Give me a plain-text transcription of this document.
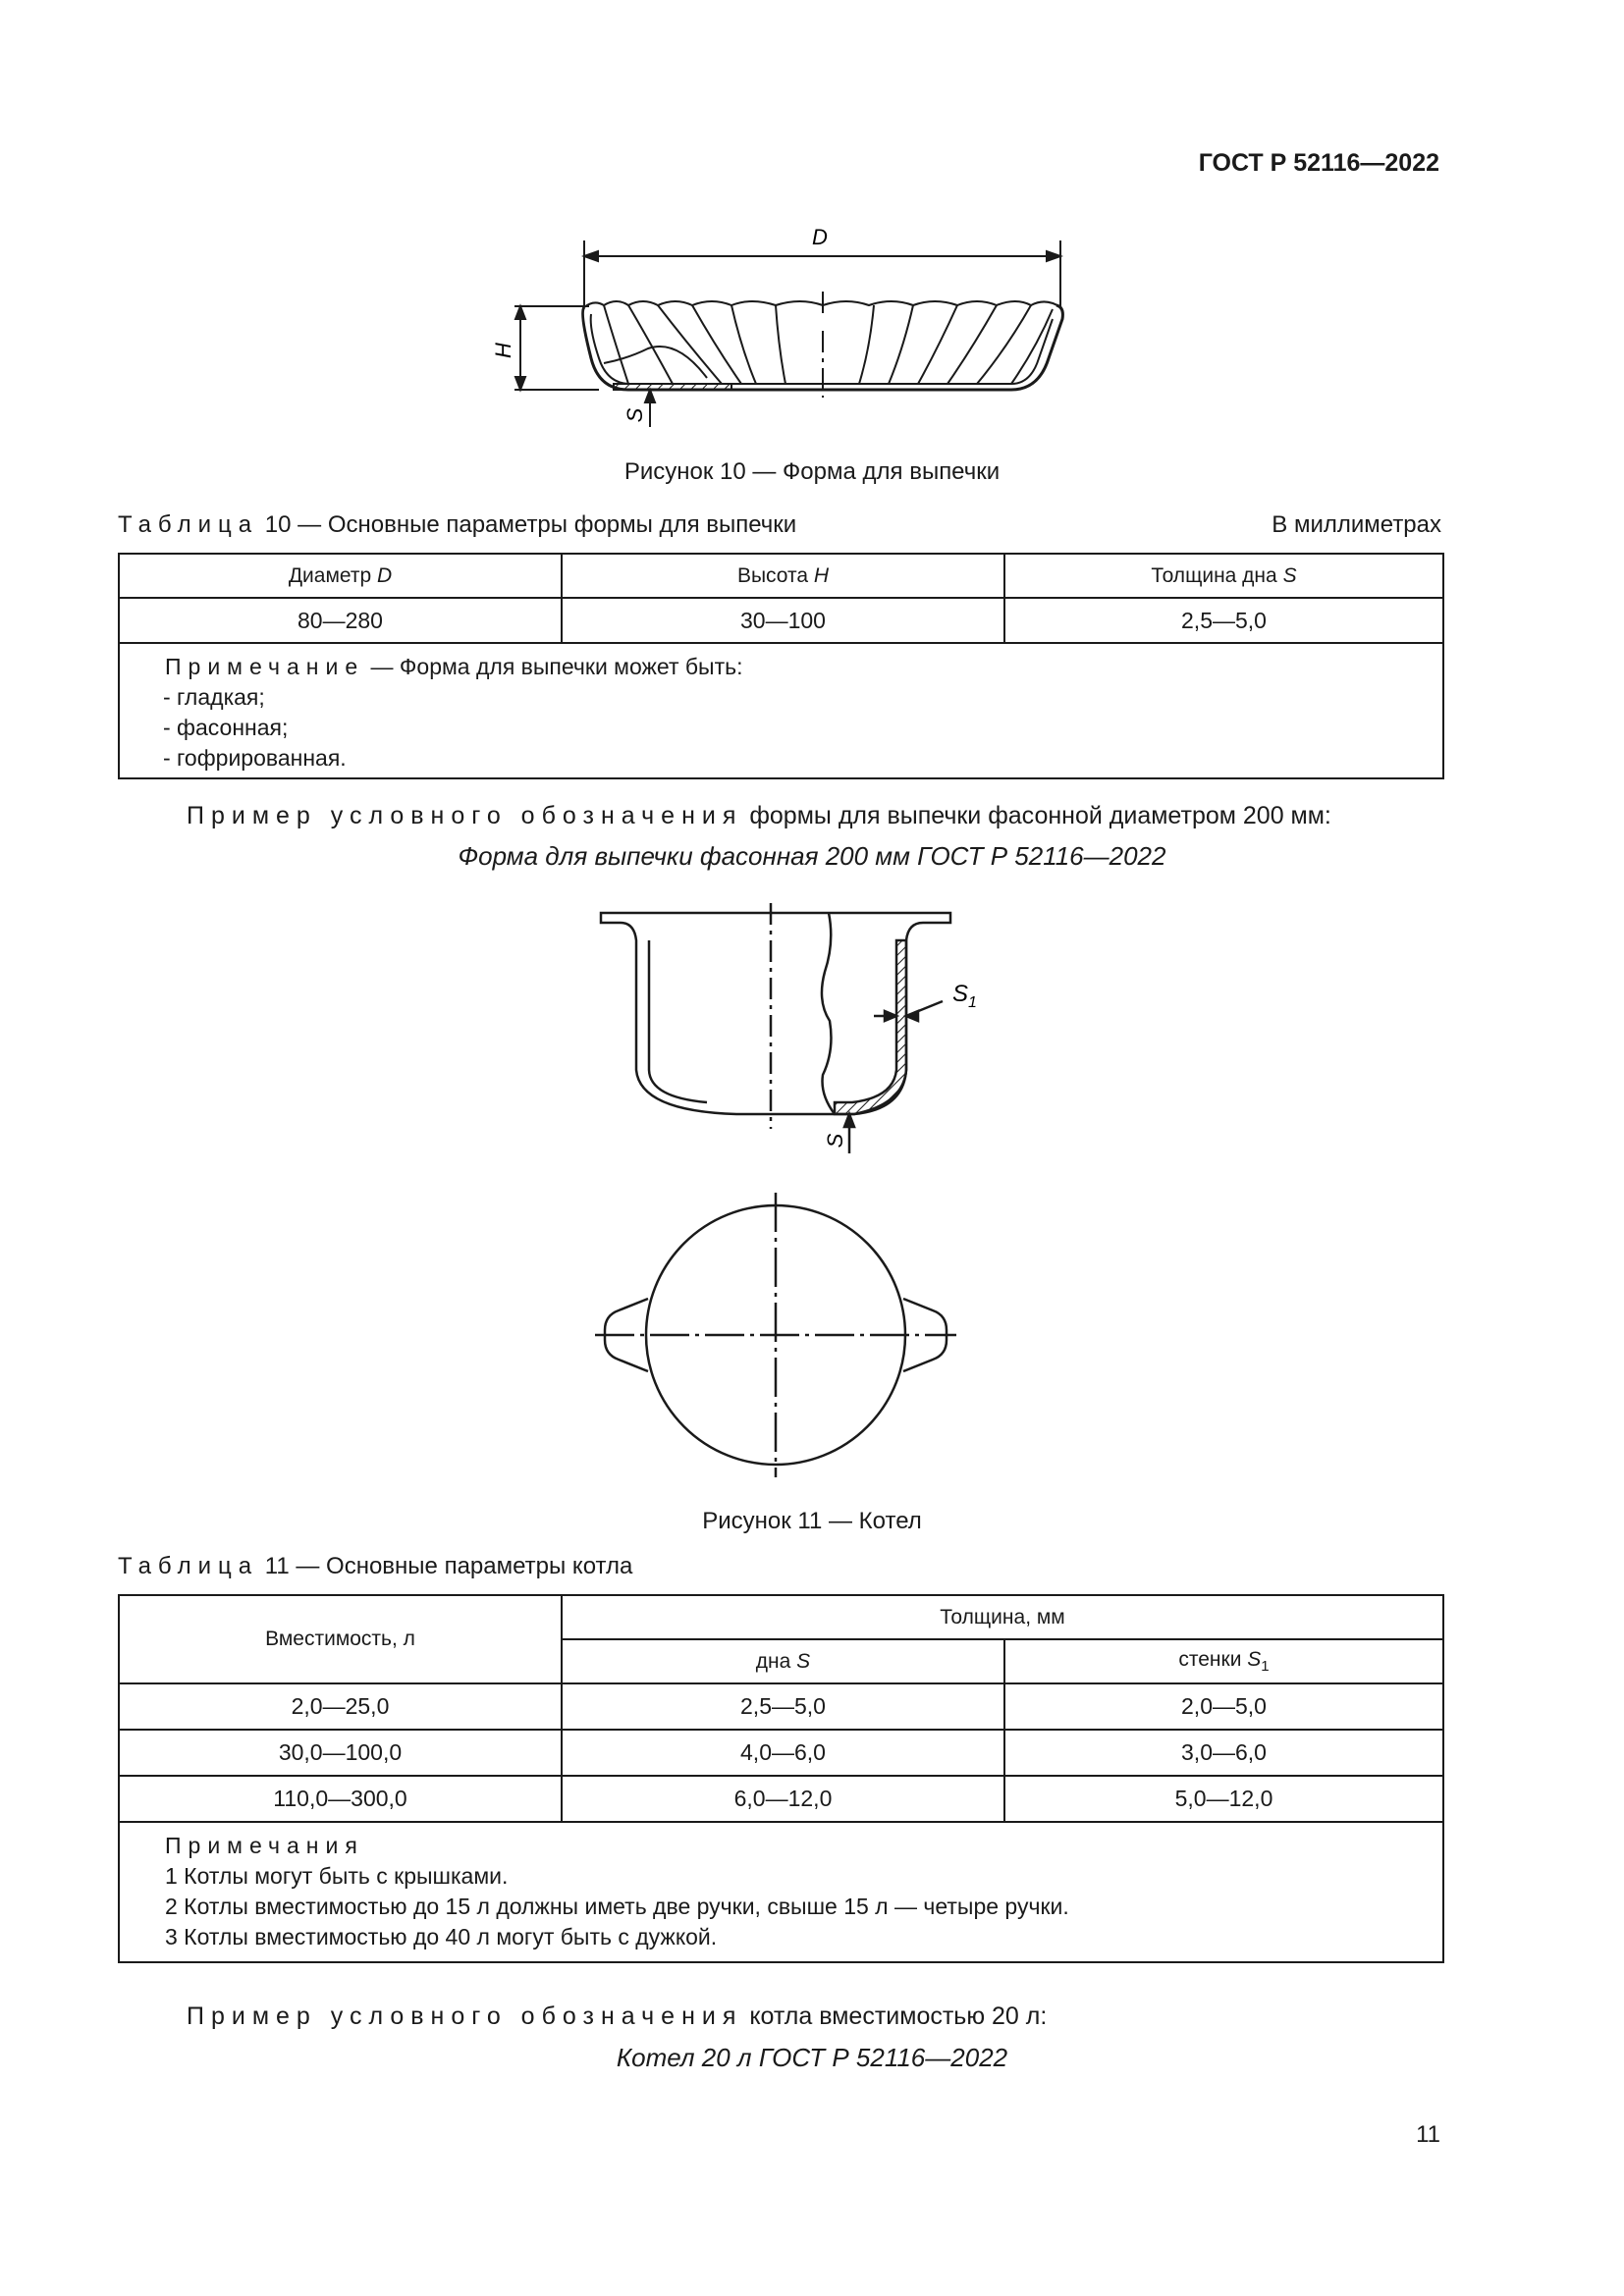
ГОСТ Р 52116—2022
D
H
S
Рисунок 10 — Форма для выпечки
Таблица 10 — Основные параметры формы для выпечки	В миллиметрах
Диаметр D	Высота H	Толщина дна S
80—280	30—100	2,5—5,0

Примечание — Форма для выпечки может быть:
- гладкая;
- фасонная;
- гофрированная.		
Пример условного обозначения формы для выпечки фасонной диаметром 200 мм:
Форма для выпечки фасонная 200 мм ГОСТ Р 52116—2022
$S_1$
S
Рисунок 11 — Котел
Таблица 11 — Основные параметры котла
Вместимость, л	Толщина, мм	
	дна S	стенки $S_1$
2,0—25,0	2,5—5,0	2,0—5,0
30,0—100,0	4,0—6,0	3,0—6,0
110,0—300,0	6,0—12,0	5,0—12,0

Примечания
1 Котлы могут быть с крышками.
2 Котлы вместимостью до 15 л должны иметь две ручки, свыше 15 л — четыре ручки.
3 Котлы вместимостью до 40 л могут быть с дужкой.		
Пример условного обозначения котла вместимостью 20 л:
Котел 20 л ГОСТ Р 52116—2022
11
